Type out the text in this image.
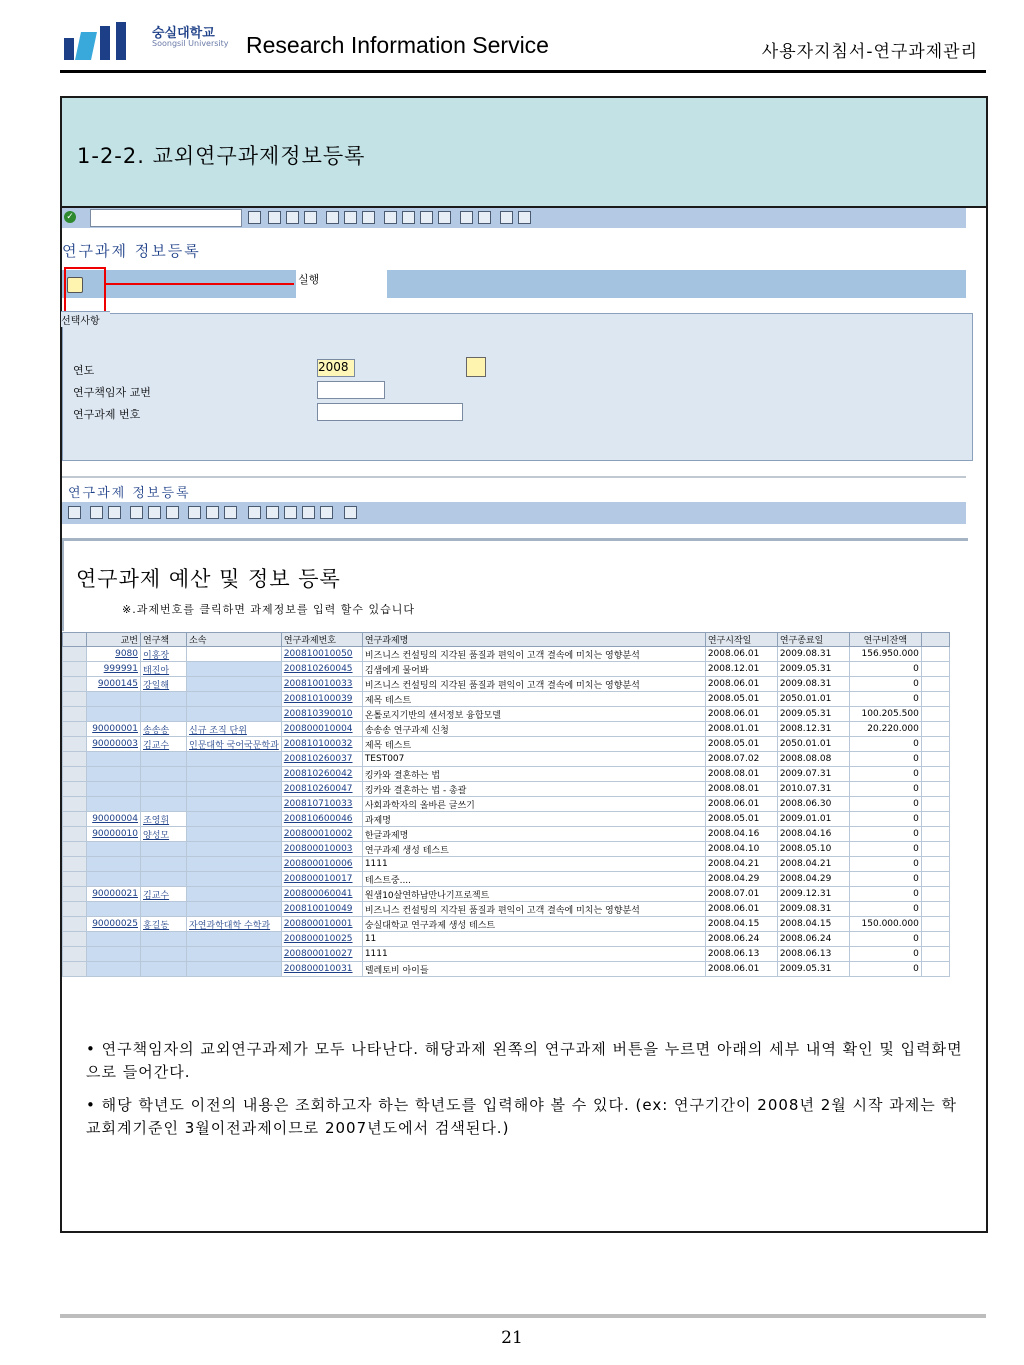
숭실대학교
Soongsil University Research Information Service	사용자지침서-연구과제관리
1-2-2. 교외연구과제정보등록
✓
연구과제 정보등록
실행
선택사항
연도	2008
연구책임자 교번
연구과제 번호
연구과제 정보등록
연구과제 예산 및 정보 등록
※.과제번호를 클릭하면 과제정보를 입력 할수 있습니다
	교번	연구책	소속	연구과제번호	연구과제명	연구시작일	연구종료일	연구비잔액	
	9080	이홍장		200810010050	비즈니스 컨설팅의 지각된 품질과 편익이 고객 결속에 미치는 영향분석	2008.06.01	2009.08.31	156.950.000	
	999991	태진아		200810260045	김샘에게 물어봐	2008.12.01	2009.05.31	0	
	9000145	강일해		200810010033	비즈니스 컨설팅의 지각된 품질과 편익이 고객 결속에 미치는 영향분석	2008.06.01	2009.08.31	0	
				200810100039	제목 테스트	2008.05.01	2050.01.01	0	
				200810390010	온톨로지기반의 센서정보 융합모델	2008.06.01	2009.05.31	100.205.500	
	90000001	송송송	신규 조직 단위	200800010004	송송송 연구과제 신청	2008.01.01	2008.12.31	20.220.000	
	90000003	김교수	인문대학 국어국문학과	200810100032	제목 테스트	2008.05.01	2050.01.01	0	
				200810260037	TEST007	2008.07.02	2008.08.08	0	
				200810260042	킹카와 결혼하는 법	2008.08.01	2009.07.31	0	
				200810260047	킹카와 결혼하는 법 - 총괄	2008.08.01	2010.07.31	0	
				200810710033	사회과학자의 올바른 글쓰기	2008.06.01	2008.06.30	0	
	90000004	조영휘		200810600046	과제명	2008.05.01	2009.01.01	0	
	90000010	양성모		200800010002	한글과제명	2008.04.16	2008.04.16	0	
				200800010003	연구과제 생성 테스트	2008.04.10	2008.05.10	0	
				200800010006	1111	2008.04.21	2008.04.21	0	
				200800010017	테스트중....	2008.04.29	2008.04.29	0	
	90000021	김교수		200800060041	원샘10살연하남만나기프로젝트	2008.07.01	2009.12.31	0	
				200810010049	비즈니스 컨설팅의 지각된 품질과 편익이 고객 결속에 미치는 영향분석	2008.06.01	2009.08.31	0	
	90000025	홍길동	자연과학대학 수학과	200800010001	숭실대학교 연구과제 생성 테스트	2008.04.15	2008.04.15	150.000.000	
				200800010025	11	2008.06.24	2008.06.24	0	
				200800010027	1111	2008.06.13	2008.06.13	0	
				200800010031	텔레토비 아이들	2008.06.01	2009.05.31	0	

• 연구책임자의 교외연구과제가 모두 나타난다. 해당과제 왼쪽의 연구과제 버튼을 누르면 아래의 세부 내역 확인 및 입력화면으로 들어간다.

• 해당 학년도 이전의 내용은 조회하고자 하는 학년도를 입력해야 볼 수 있다. (ex: 연구기간이 2008년 2월 시작 과제는 학교회계기준인 3월이전과제이므로 2007년도에서 검색된다.)

21
